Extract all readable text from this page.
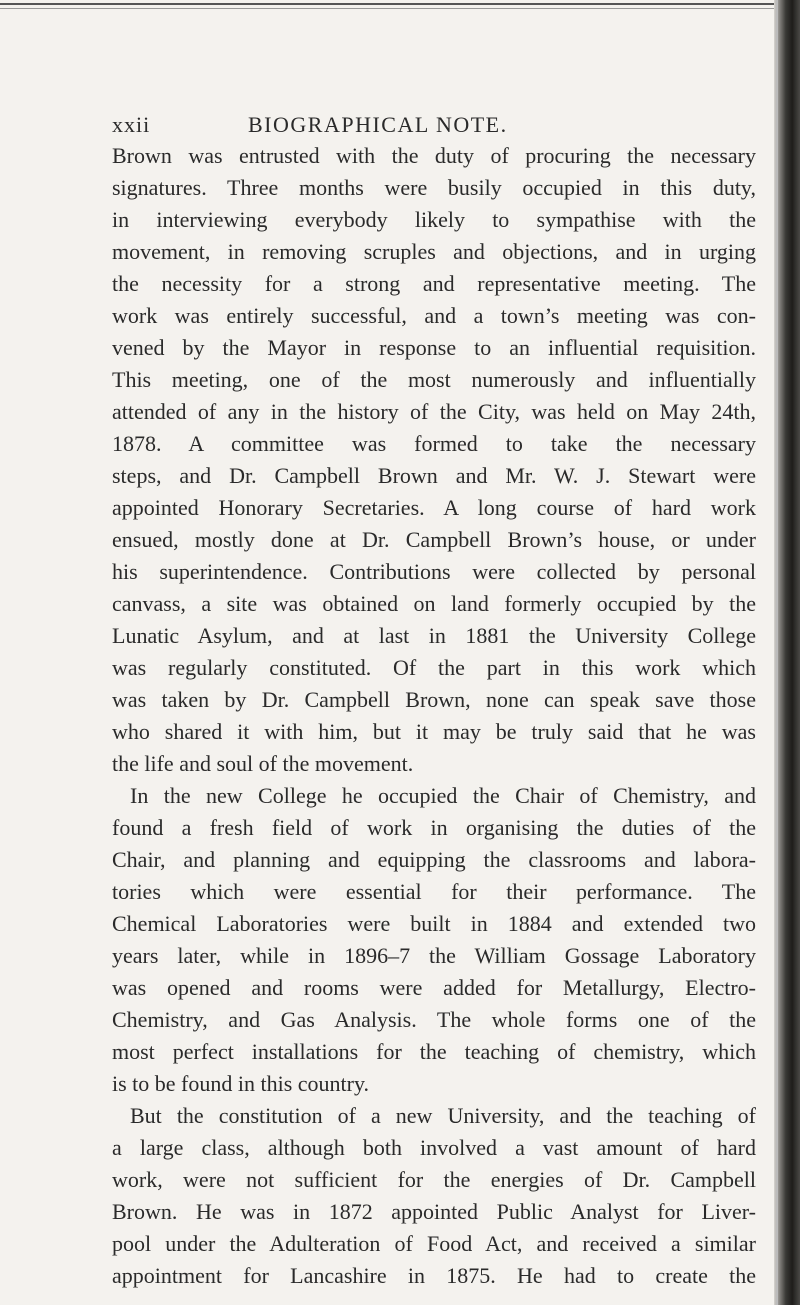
xxii	BIOGRAPHICAL NOTE.
Brown was entrusted with the duty of procuring the necessary
signatures. Three months were busily occupied in this duty,
in interviewing everybody likely to sympathise with the
movement, in removing scruples and objections, and in urging
the necessity for a strong and representative meeting. The
work was entirely successful, and a town’s meeting was con-
vened by the Mayor in response to an influential requisition.
This meeting, one of the most numerously and influentially
attended of any in the history of the City, was held on May 24th,
1878. A committee was formed to take the necessary
steps, and Dr. Campbell Brown and Mr. W. J. Stewart were
appointed Honorary Secretaries. A long course of hard work
ensued, mostly done at Dr. Campbell Brown’s house, or under
his superintendence. Contributions were collected by personal
canvass, a site was obtained on land formerly occupied by the
Lunatic Asylum, and at last in 1881 the University College
was regularly constituted. Of the part in this work which
was taken by Dr. Campbell Brown, none can speak save those
who shared it with him, but it may be truly said that he was
the life and soul of the movement.
In the new College he occupied the Chair of Chemistry, and
found a fresh field of work in organising the duties of the
Chair, and planning and equipping the classrooms and labora-
tories which were essential for their performance. The
Chemical Laboratories were built in 1884 and extended two
years later, while in 1896–7 the William Gossage Laboratory
was opened and rooms were added for Metallurgy, Electro-
Chemistry, and Gas Analysis. The whole forms one of the
most perfect installations for the teaching of chemistry, which
is to be found in this country.
But the constitution of a new University, and the teaching of
a large class, although both involved a vast amount of hard
work, were not sufficient for the energies of Dr. Campbell
Brown. He was in 1872 appointed Public Analyst for Liver-
pool under the Adulteration of Food Act, and received a similar
appointment for Lancashire in 1875. He had to create the
